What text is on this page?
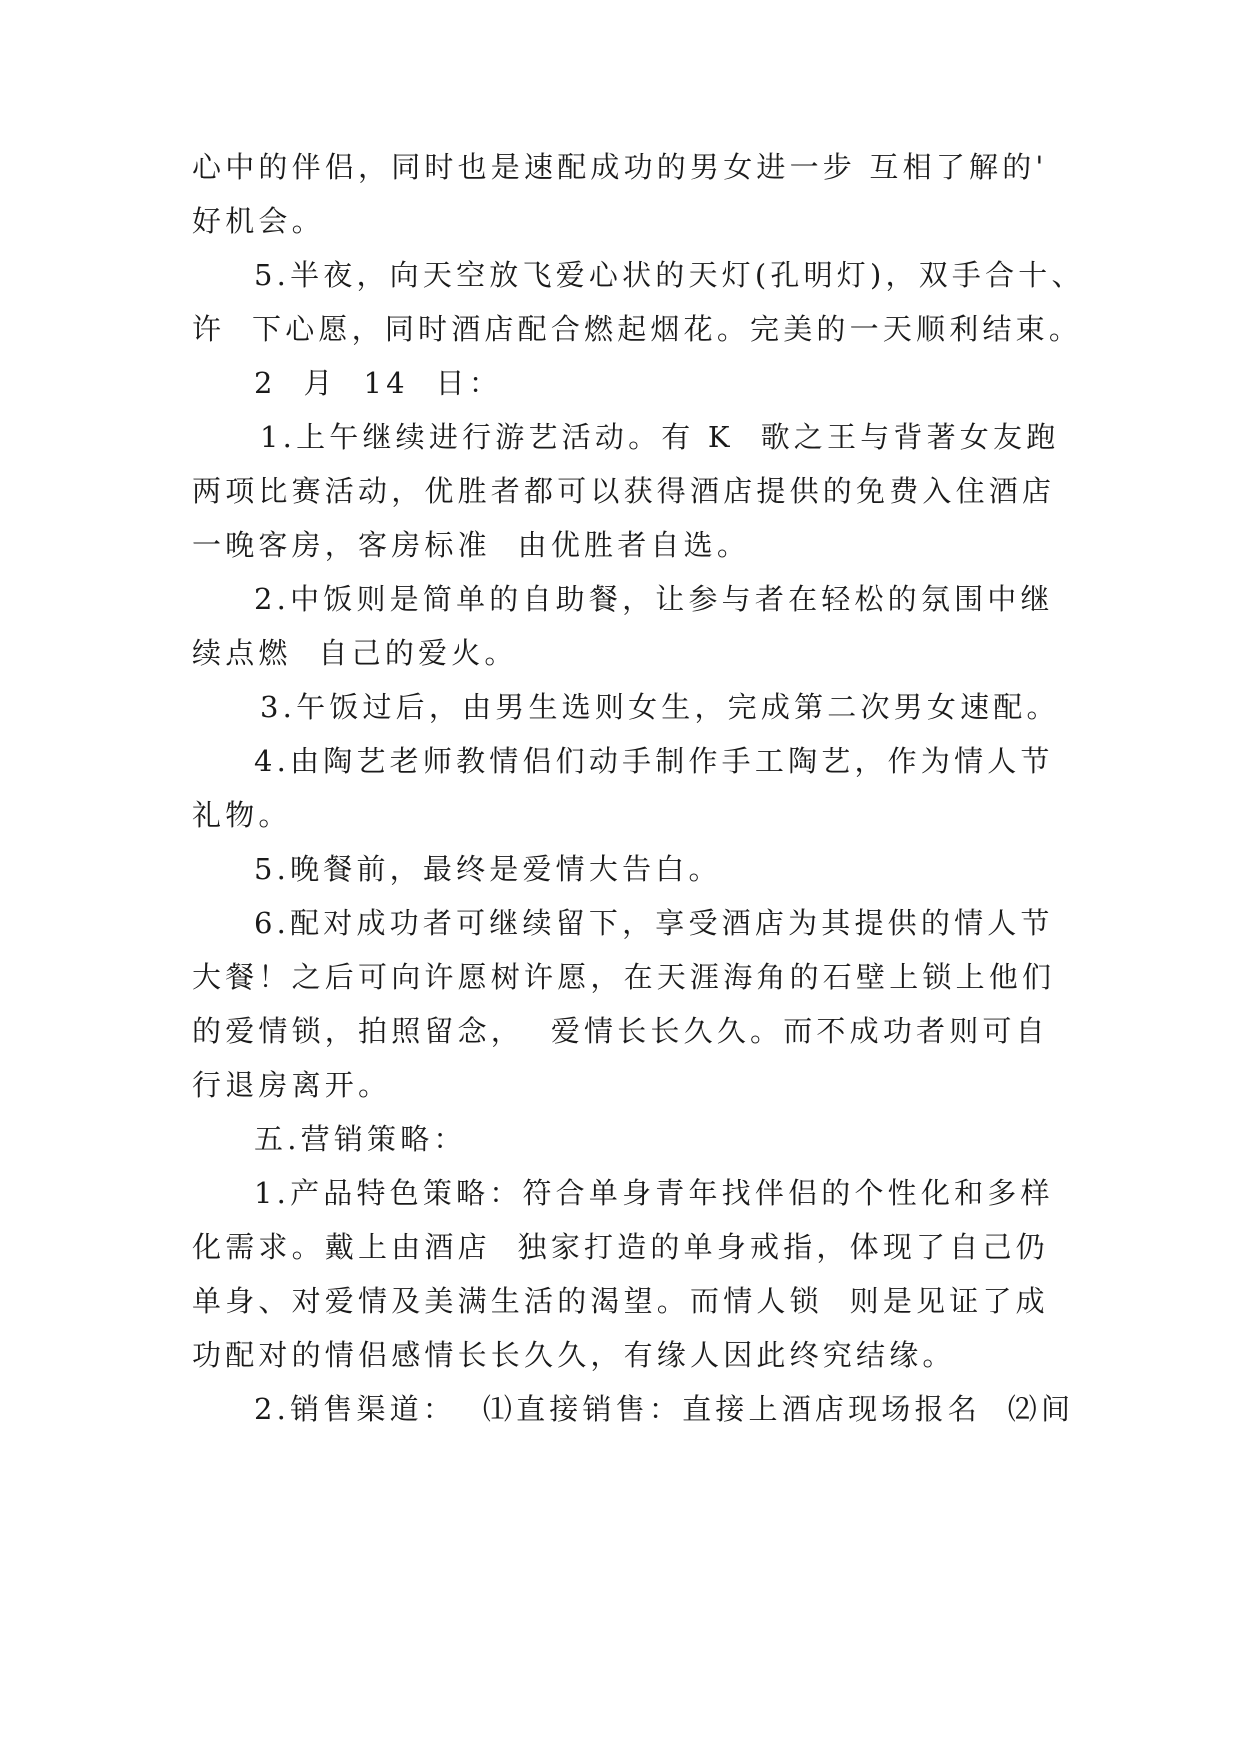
心中的伴侣，同时也是速配成功的男女进一步 互相了解的'
好机会。
5.半夜，向天空放飞爱心状的天灯(孔明灯)，双手合十、
许  下心愿，同时酒店配合燃起烟花。完美的一天顺利结束。
2  月  14  日：
1.上午继续进行游艺活动。有 K  歌之王与背著女友跑
两项比赛活动，优胜者都可以获得酒店提供的免费入住酒店
一晚客房，客房标准  由优胜者自选。
2.中饭则是简单的自助餐，让参与者在轻松的氛围中继
续点燃  自己的爱火。
3.午饭过后，由男生选则女生，完成第二次男女速配。
4.由陶艺老师教情侣们动手制作手工陶艺，作为情人节
礼物。
5.晚餐前，最终是爱情大告白。
6.配对成功者可继续留下，享受酒店为其提供的情人节
大餐！之后可向许愿树许愿，在天涯海角的石壁上锁上他们
的爱情锁，拍照留念，  爱情长长久久。而不成功者则可自
行退房离开。
五.营销策略：
1.产品特色策略：符合单身青年找伴侣的个性化和多样
化需求。戴上由酒店  独家打造的单身戒指，体现了自己仍
单身、对爱情及美满生活的渴望。而情人锁  则是见证了成
功配对的情侣感情长长久久，有缘人因此终究结缘。
2.销售渠道：  ⑴直接销售：直接上酒店现场报名  ⑵间
